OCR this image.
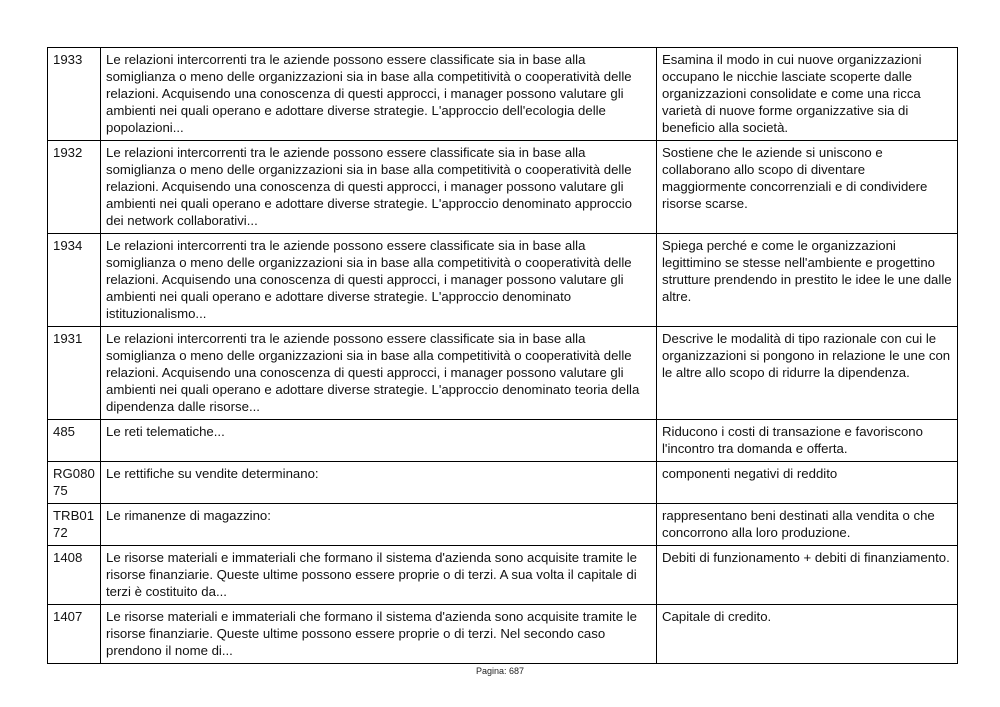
1933	Le relazioni intercorrenti tra le aziende possono essere classificate sia in base alla somiglianza o meno delle organizzazioni sia in base alla competitività o cooperatività delle relazioni. Acquisendo una conoscenza di questi approcci, i manager possono valutare gli ambienti nei quali operano e adottare diverse strategie. L'approccio dell'ecologia delle popolazioni...	Esamina il modo in cui nuove organizzazioni occupano le nicchie lasciate scoperte dalle organizzazioni consolidate e come una ricca varietà di nuove forme organizzative sia di beneficio alla società.
1932	Le relazioni intercorrenti tra le aziende possono essere classificate sia in base alla somiglianza o meno delle organizzazioni sia in base alla competitività o cooperatività delle relazioni. Acquisendo una conoscenza di questi approcci, i manager possono valutare gli ambienti nei quali operano e adottare diverse strategie. L'approccio denominato approccio dei network collaborativi...	Sostiene che le aziende si uniscono e collaborano allo scopo di diventare maggiormente concorrenziali e di condividere risorse scarse.
1934	Le relazioni intercorrenti tra le aziende possono essere classificate sia in base alla somiglianza o meno delle organizzazioni sia in base alla competitività o cooperatività delle relazioni. Acquisendo una conoscenza di questi approcci, i manager possono valutare gli ambienti nei quali operano e adottare diverse strategie. L'approccio denominato istituzionalismo...	Spiega perché e come le organizzazioni legittimino se stesse nell'ambiente e progettino strutture prendendo in prestito le idee le une dalle altre.
1931	Le relazioni intercorrenti tra le aziende possono essere classificate sia in base alla somiglianza o meno delle organizzazioni sia in base alla competitività o cooperatività delle relazioni. Acquisendo una conoscenza di questi approcci, i manager possono valutare gli ambienti nei quali operano e adottare diverse strategie. L'approccio denominato teoria della dipendenza dalle risorse...	Descrive le modalità di tipo razionale con cui le organizzazioni si pongono in relazione le une con le altre allo scopo di ridurre la dipendenza.
485	Le reti telematiche...	Riducono i costi di transazione e favoriscono l'incontro tra domanda e offerta.
RG08075	Le rettifiche su vendite determinano:	componenti negativi di reddito
TRB0172	Le rimanenze di magazzino:	rappresentano beni destinati alla vendita o che concorrono alla loro produzione.
1408	Le risorse materiali e immateriali che formano il sistema d'azienda sono acquisite tramite le risorse finanziarie. Queste ultime possono essere proprie o di terzi. A sua volta il capitale di terzi è costituito da...	Debiti di funzionamento + debiti di finanziamento.
1407	Le risorse materiali e immateriali che formano il sistema d'azienda sono acquisite tramite le risorse finanziarie. Queste ultime possono essere proprie o di terzi. Nel secondo caso prendono il nome di...	Capitale di credito.
Pagina: 687
